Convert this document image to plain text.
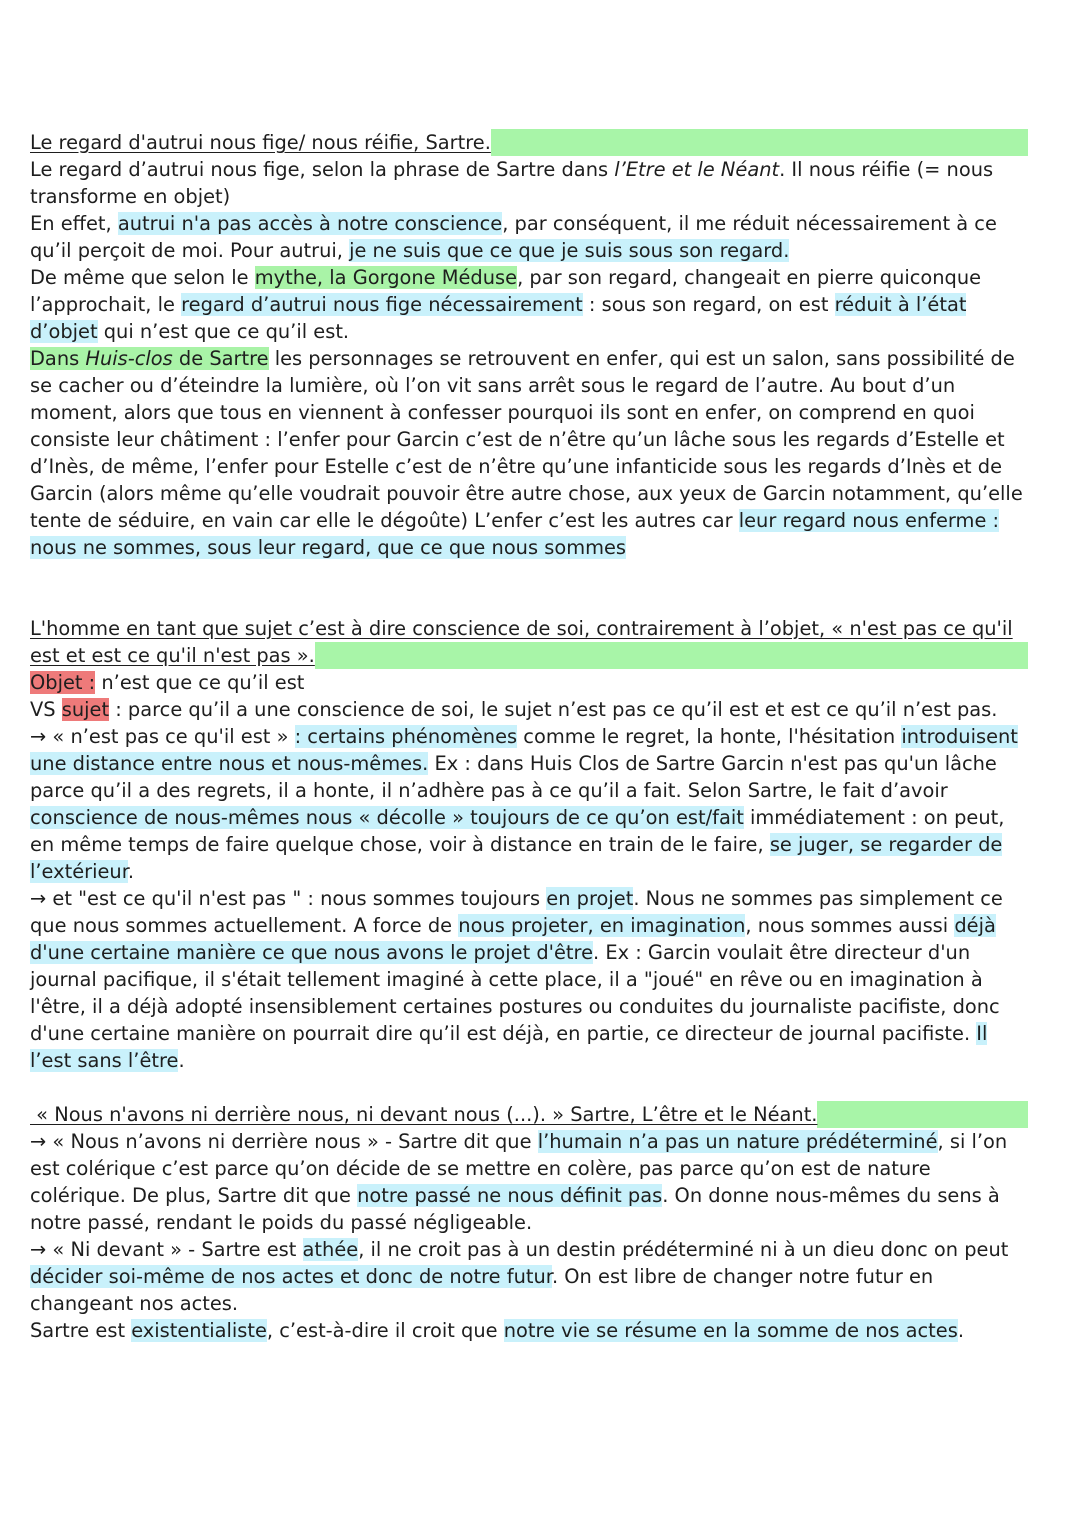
Le regard d'autrui nous fige/ nous réifie, Sartre.

Le regard d’autrui nous fige, selon la phrase de Sartre dans l’Etre et le Néant. Il nous réifie (= nous transforme en objet)

En effet, autrui n'a pas accès à notre conscience, par conséquent, il me réduit nécessairement à ce qu’il perçoit de moi. Pour autrui, je ne suis que ce que je suis sous son regard.

De même que selon le mythe, la Gorgone Méduse, par son regard, changeait en pierre quiconque l’approchait, le regard d’autrui nous fige nécessairement : sous son regard, on est réduit à l’état d’objet qui n’est que ce qu’il est.

Dans Huis-clos de Sartre les personnages se retrouvent en enfer, qui est un salon, sans possibilité de se cacher ou d’éteindre la lumière, où l’on vit sans arrêt sous le regard de l’autre. Au bout d’un moment, alors que tous en viennent à confesser pourquoi ils sont en enfer, on comprend en quoi consiste leur châtiment : l’enfer pour Garcin c’est de n’être qu’un lâche sous les regards d’Estelle et d’Inès, de même, l’enfer pour Estelle c’est de n’être qu’une infanticide sous les regards d’Inès et de Garcin (alors même qu’elle voudrait pouvoir être autre chose, aux yeux de Garcin notamment, qu’elle tente de séduire, en vain car elle le dégoûte) L’enfer c’est les autres car leur regard nous enferme : nous ne sommes, sous leur regard, que ce que nous sommes

L'homme en tant que sujet c’est à dire conscience de soi, contrairement à l’objet, « n'est pas ce qu'il est et est ce qu'il n'est pas ».

Objet : n’est que ce qu’il est

VS sujet : parce qu’il a une conscience de soi, le sujet n’est pas ce qu’il est et est ce qu’il n’est pas.

→ « n’est pas ce qu'il est » : certains phénomènes comme le regret, la honte, l'hésitation introduisent une distance entre nous et nous-mêmes. Ex : dans Huis Clos de Sartre Garcin n'est pas qu'un lâche parce qu’il a des regrets, il a honte, il n’adhère pas à ce qu’il a fait. Selon Sartre, le fait d’avoir conscience de nous-mêmes nous « décolle » toujours de ce qu’on est/fait immédiatement : on peut, en même temps de faire quelque chose, voir à distance en train de le faire, se juger, se regarder de l’extérieur.

→ et "est ce qu'il n'est pas " : nous sommes toujours en projet. Nous ne sommes pas simplement ce que nous sommes actuellement. A force de nous projeter, en imagination, nous sommes aussi déjà d'une certaine manière ce que nous avons le projet d'être. Ex : Garcin voulait être directeur d'un journal pacifique, il s'était tellement imaginé à cette place, il a "joué" en rêve ou en imagination à l'être, il a déjà adopté insensiblement certaines postures ou conduites du journaliste pacifiste, donc d'une certaine manière on pourrait dire qu’il est déjà, en partie, ce directeur de journal pacifiste. Il l’est sans l’être.

« Nous n'avons ni derrière nous, ni devant nous (...). » Sartre, L’être et le Néant.

→ « Nous n’avons ni derrière nous » - Sartre dit que l’humain n’a pas un nature prédéterminé, si l’on est colérique c’est parce qu’on décide de se mettre en colère, pas parce qu’on est de nature colérique. De plus, Sartre dit que notre passé ne nous définit pas. On donne nous-mêmes du sens à notre passé, rendant le poids du passé négligeable.

→ « Ni devant » - Sartre est athée, il ne croit pas à un destin prédéterminé ni à un dieu donc on peut décider soi-même de nos actes et donc de notre futur. On est libre de changer notre futur en changeant nos actes.

Sartre est existentialiste, c’est-à-dire il croit que notre vie se résume en la somme de nos actes.
